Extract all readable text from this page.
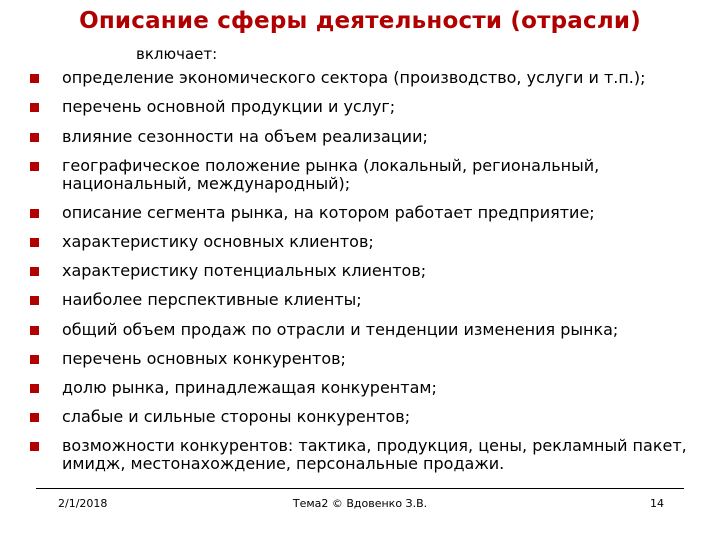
Описание сферы деятельности (отрасли)
включает:
определение экономического сектора (производство, услуги и т.п.);
перечень основной продукции и услуг;
влияние сезонности на объем реализации;
географическое положение рынка (локальный, региональный, национальный, международный);
описание сегмента рынка, на котором работает предприятие;
характеристику основных клиентов;
характеристику потенциальных клиентов;
наиболее перспективные клиенты;
общий объем продаж по отрасли и тенденции изменения рынка;
перечень основных конкурентов;
долю рынка, принадлежащая конкурентам;
слабые и сильные стороны конкурентов;
возможности конкурентов: тактика, продукция, цены, рекламный пакет, имидж, местонахождение, персональные продажи.
2/1/2018	Тема2 © Вдовенко З.В.	14
